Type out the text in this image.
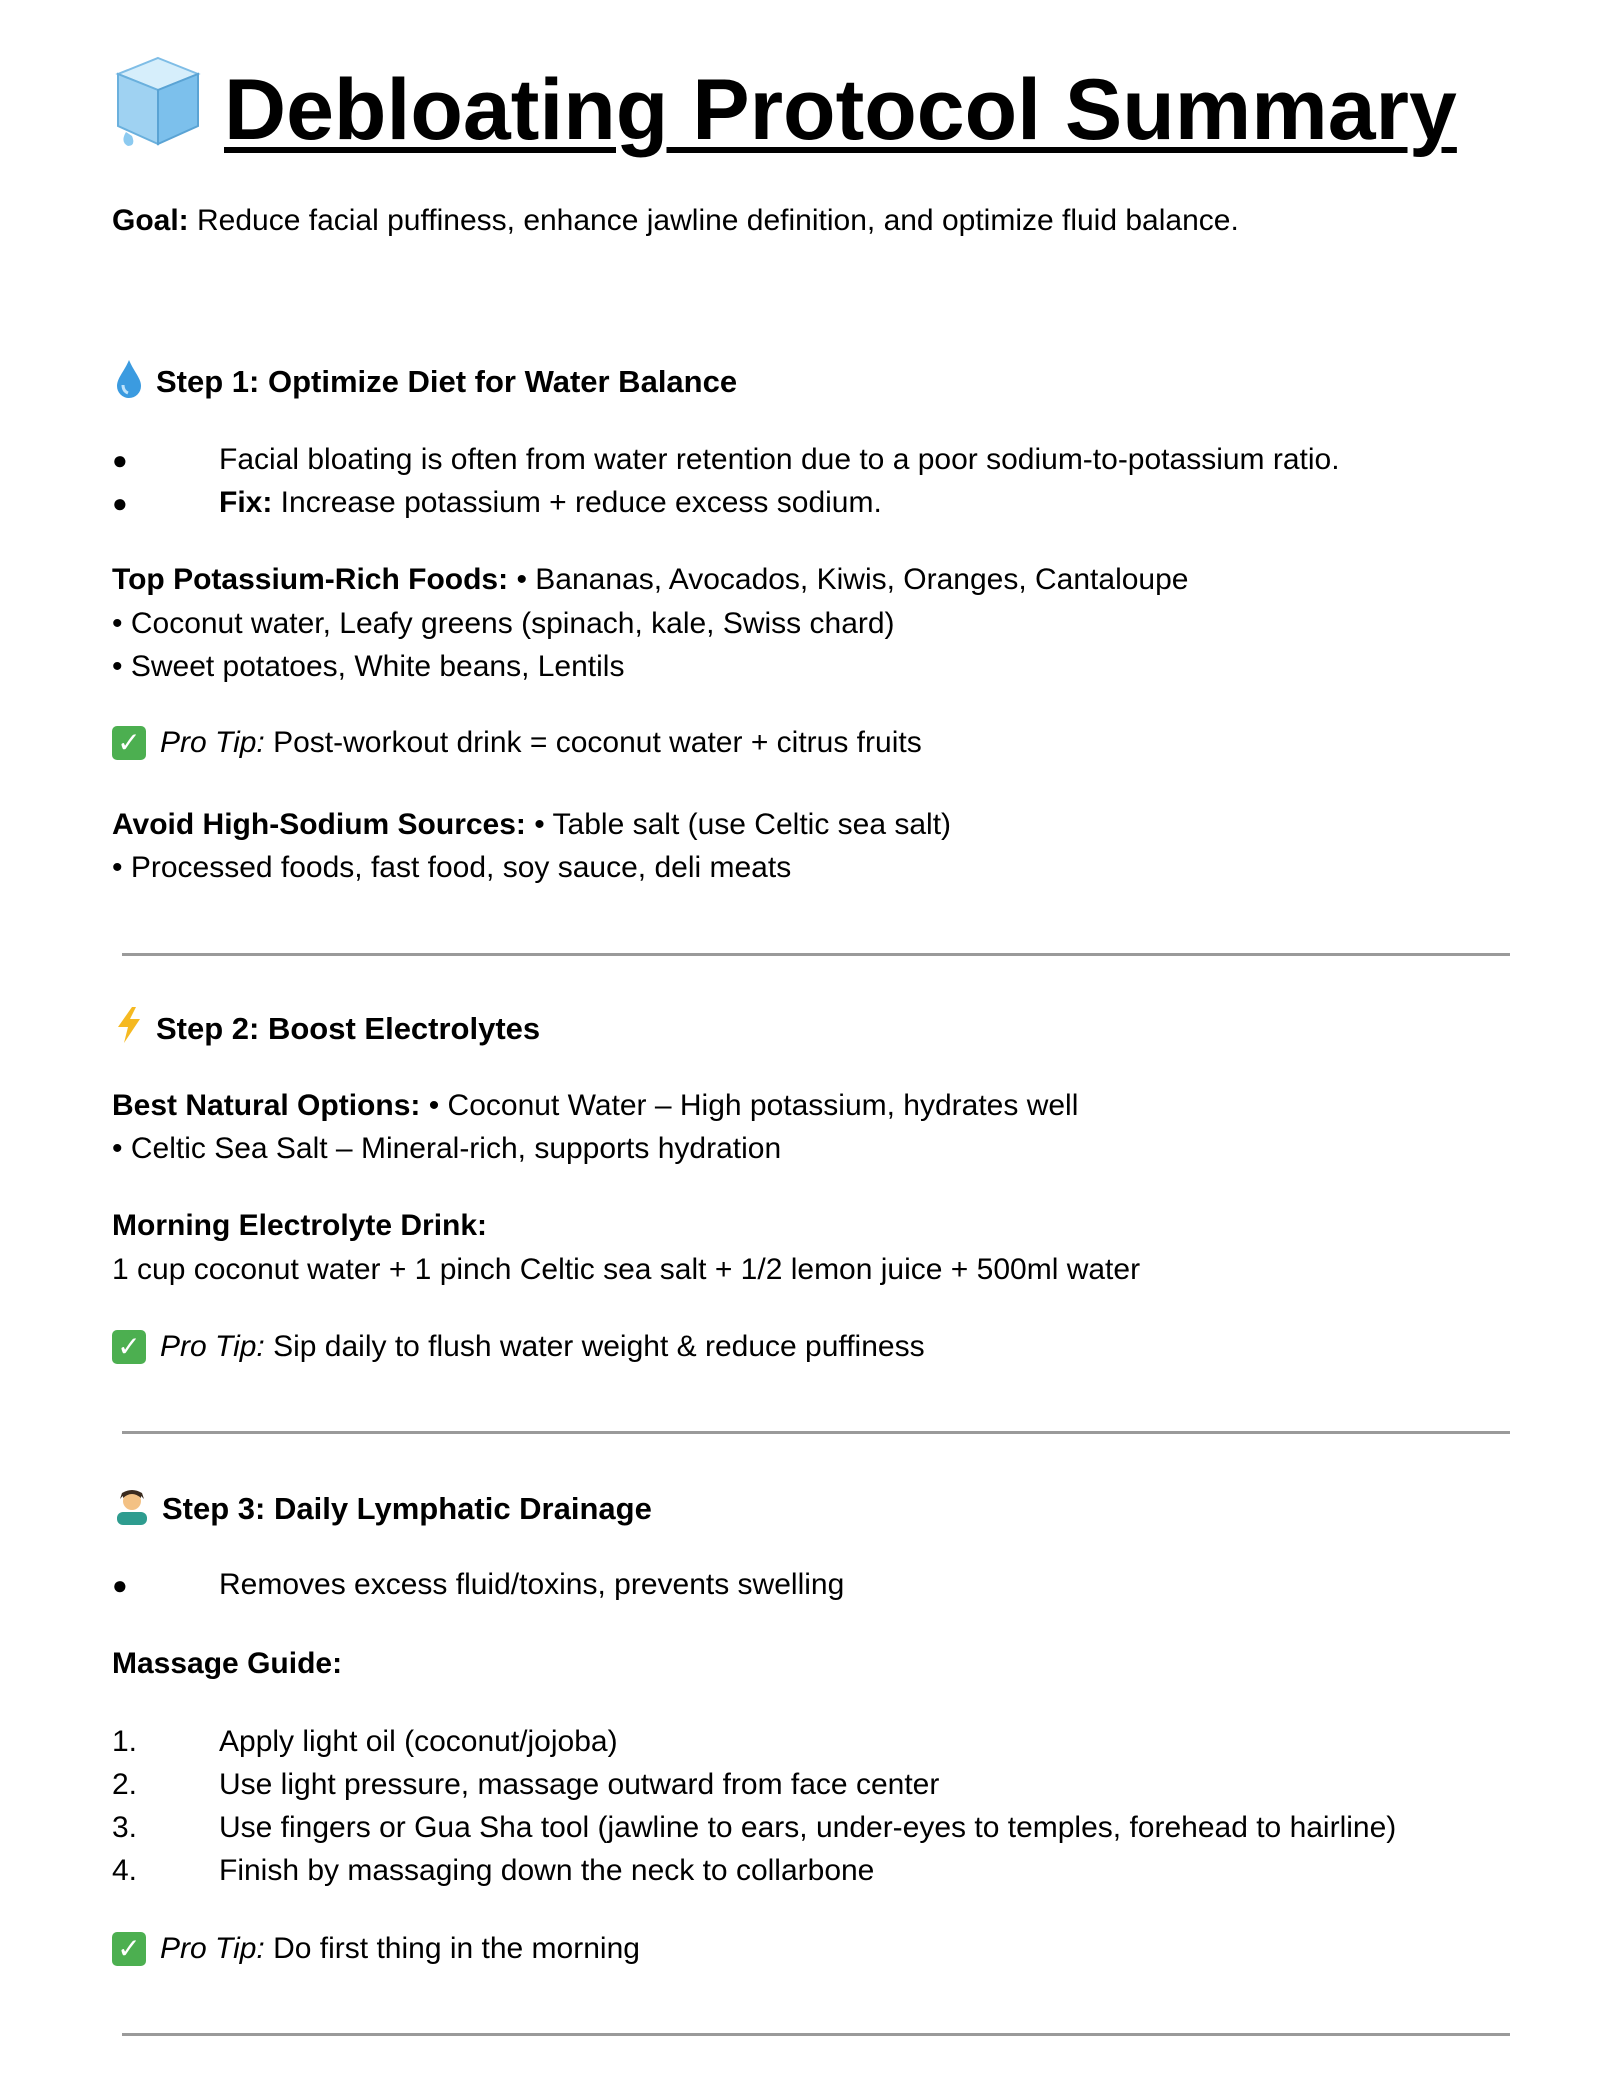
Debloating Protocol Summary
Goal: Reduce facial puffiness, enhance jawline definition, and optimize fluid balance.
Step 1: Optimize Diet for Water Balance
●	Facial bloating is often from water retention due to a poor sodium-to-potassium ratio.
●	Fix: Increase potassium + reduce excess sodium.
Top Potassium-Rich Foods: • Bananas, Avocados, Kiwis, Oranges, Cantaloupe
• Coconut water, Leafy greens (spinach, kale, Swiss chard)
• Sweet potatoes, White beans, Lentils
✓ Pro Tip: Post-workout drink = coconut water + citrus fruits
Avoid High-Sodium Sources: • Table salt (use Celtic sea salt)
• Processed foods, fast food, soy sauce, deli meats
Step 2: Boost Electrolytes
Best Natural Options: • Coconut Water – High potassium, hydrates well
• Celtic Sea Salt – Mineral-rich, supports hydration
Morning Electrolyte Drink:
1 cup coconut water + 1 pinch Celtic sea salt + 1/2 lemon juice + 500ml water
✓ Pro Tip: Sip daily to flush water weight & reduce puffiness
Step 3: Daily Lymphatic Drainage
●	Removes excess fluid/toxins, prevents swelling
Massage Guide:
1.	Apply light oil (coconut/jojoba)
2.	Use light pressure, massage outward from face center
3.	Use fingers or Gua Sha tool (jawline to ears, under-eyes to temples, forehead to hairline)
4.	Finish by massaging down the neck to collarbone
✓ Pro Tip: Do first thing in the morning
